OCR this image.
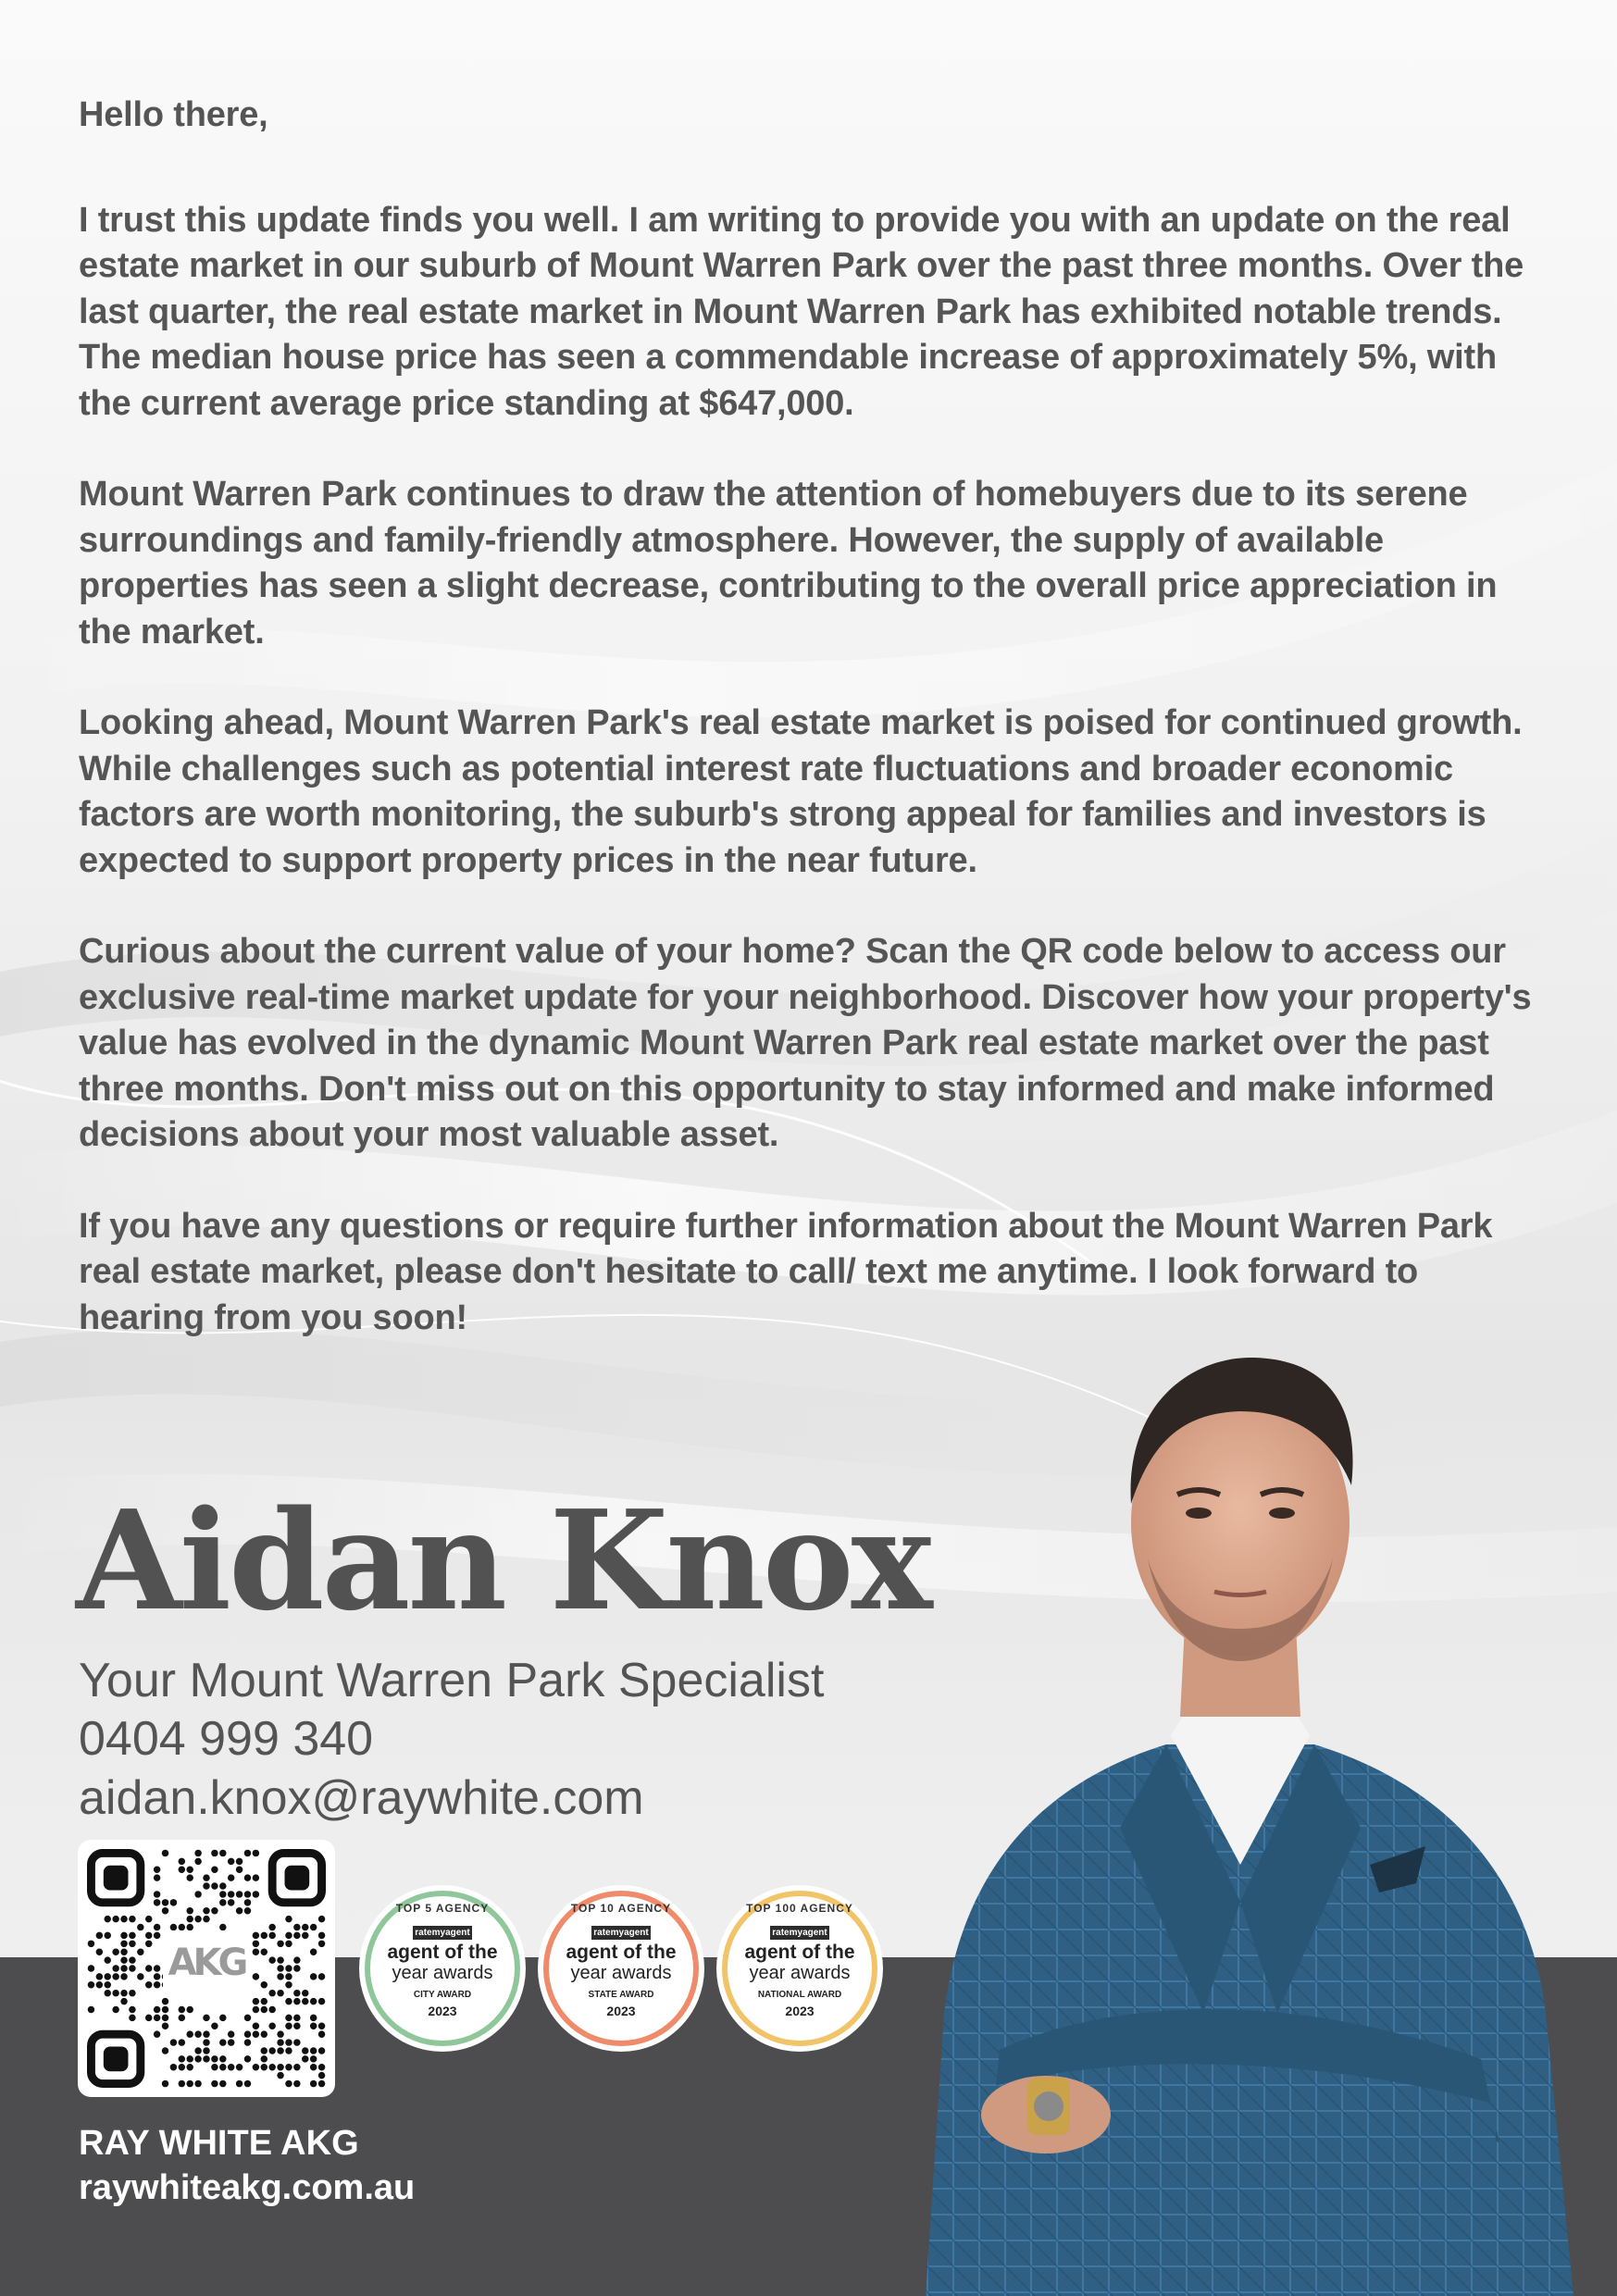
Hello there,

I trust this update finds you well. I am writing to provide you with an update on the real estate market in our suburb of Mount Warren Park over the past three months. Over the last quarter, the real estate market in Mount Warren Park has exhibited notable trends. The median house price has seen a commendable increase of approximately 5%, with the current average price standing at $647,000.

Mount Warren Park continues to draw the attention of homebuyers due to its serene surroundings and family-friendly atmosphere. However, the supply of available properties has seen a slight decrease, contributing to the overall price appreciation in the market.

Looking ahead, Mount Warren Park's real estate market is poised for continued growth. While challenges such as potential interest rate fluctuations and broader economic factors are worth monitoring, the suburb's strong appeal for families and investors is expected to support property prices in the near future.

Curious about the current value of your home? Scan the QR code below to access our exclusive real-time market update for your neighborhood. Discover how your property's value has evolved in the dynamic Mount Warren Park real estate market over the past three months. Don't miss out on this opportunity to stay informed and make informed decisions about your most valuable asset.

If you have any questions or require further information about the Mount Warren Park real estate market, please don't hesitate to call/ text me anytime. I look forward to hearing from you soon!

Aidan Knox
Your Mount Warren Park Specialist
0404 999 340
aidan.knox@raywhite.com
AKG
TOP 5 AGENCY
ratemyagent
agent of the
year awards
CITY AWARD
2023
TOP 10 AGENCY
ratemyagent
agent of the
year awards
STATE AWARD
2023
TOP 100 AGENCY
ratemyagent
agent of the
year awards
NATIONAL AWARD
2023
RAY WHITE AKG
raywhiteakg.com.au
